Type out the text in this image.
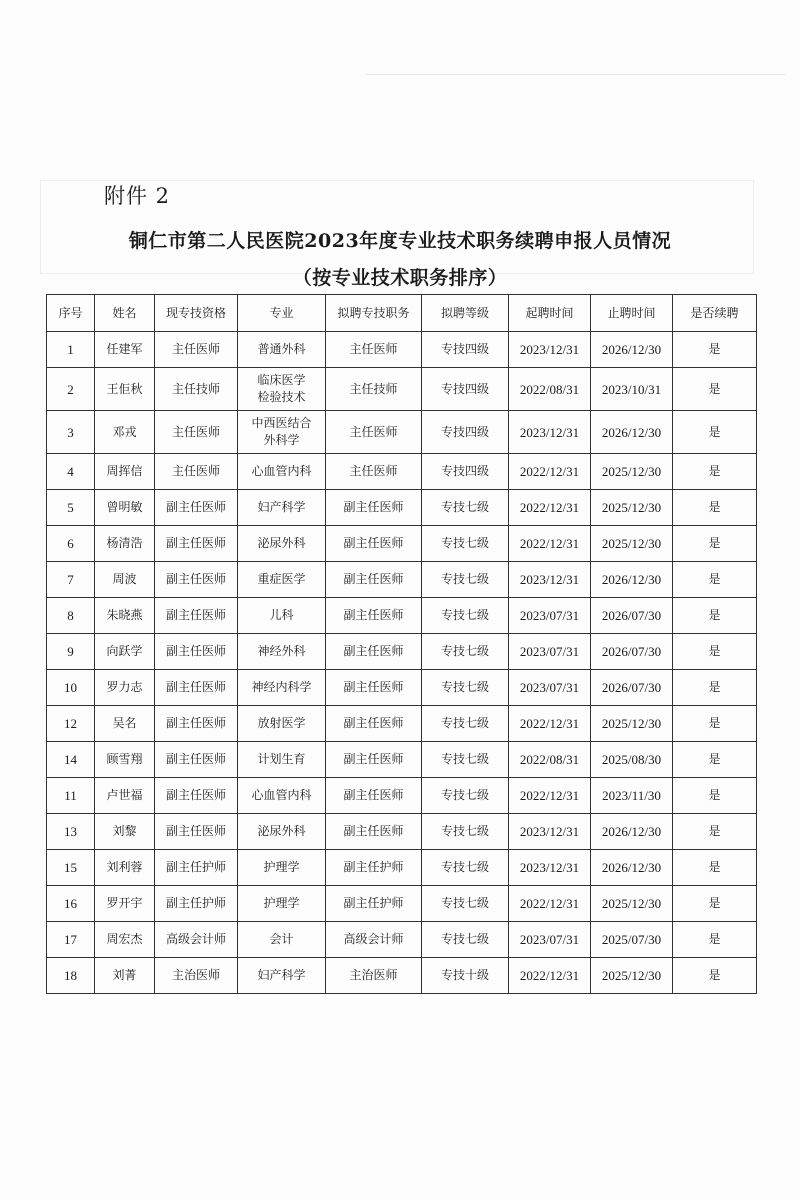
附件 2
铜仁市第二人民医院2023年度专业技术职务续聘申报人员情况
（按专业技术职务排序）
序号	姓名	现专技资格	专业	拟聘专技职务	拟聘等级	起聘时间	止聘时间	是否续聘
1	任建军	主任医师	普通外科	主任医师	专技四级	2023/12/31	2026/12/30	是
2	王佢秋	主任技师	临床医学
检验技术	主任技师	专技四级	2022/08/31	2023/10/31	是
3	邓戎	主任医师	中西医结合
外科学	主任医师	专技四级	2023/12/31	2026/12/30	是
4	周挥信	主任医师	心血管内科	主任医师	专技四级	2022/12/31	2025/12/30	是
5	曾明敏	副主任医师	妇产科学	副主任医师	专技七级	2022/12/31	2025/12/30	是
6	杨清浩	副主任医师	泌尿外科	副主任医师	专技七级	2022/12/31	2025/12/30	是
7	周波	副主任医师	重症医学	副主任医师	专技七级	2023/12/31	2026/12/30	是
8	朱晓燕	副主任医师	儿科	副主任医师	专技七级	2023/07/31	2026/07/30	是
9	向跃学	副主任医师	神经外科	副主任医师	专技七级	2023/07/31	2026/07/30	是
10	罗力志	副主任医师	神经内科学	副主任医师	专技七级	2023/07/31	2026/07/30	是
12	吴名	副主任医师	放射医学	副主任医师	专技七级	2022/12/31	2025/12/30	是
14	顾雪翔	副主任医师	计划生育	副主任医师	专技七级	2022/08/31	2025/08/30	是
11	卢世福	副主任医师	心血管内科	副主任医师	专技七级	2022/12/31	2023/11/30	是
13	刘黎	副主任医师	泌尿外科	副主任医师	专技七级	2023/12/31	2026/12/30	是
15	刘利蓉	副主任护师	护理学	副主任护师	专技七级	2023/12/31	2026/12/30	是
16	罗开宇	副主任护师	护理学	副主任护师	专技七级	2022/12/31	2025/12/30	是
17	周宏杰	高级会计师	会计	高级会计师	专技七级	2023/07/31	2025/07/30	是
18	刘菁	主治医师	妇产科学	主治医师	专技十级	2022/12/31	2025/12/30	是
